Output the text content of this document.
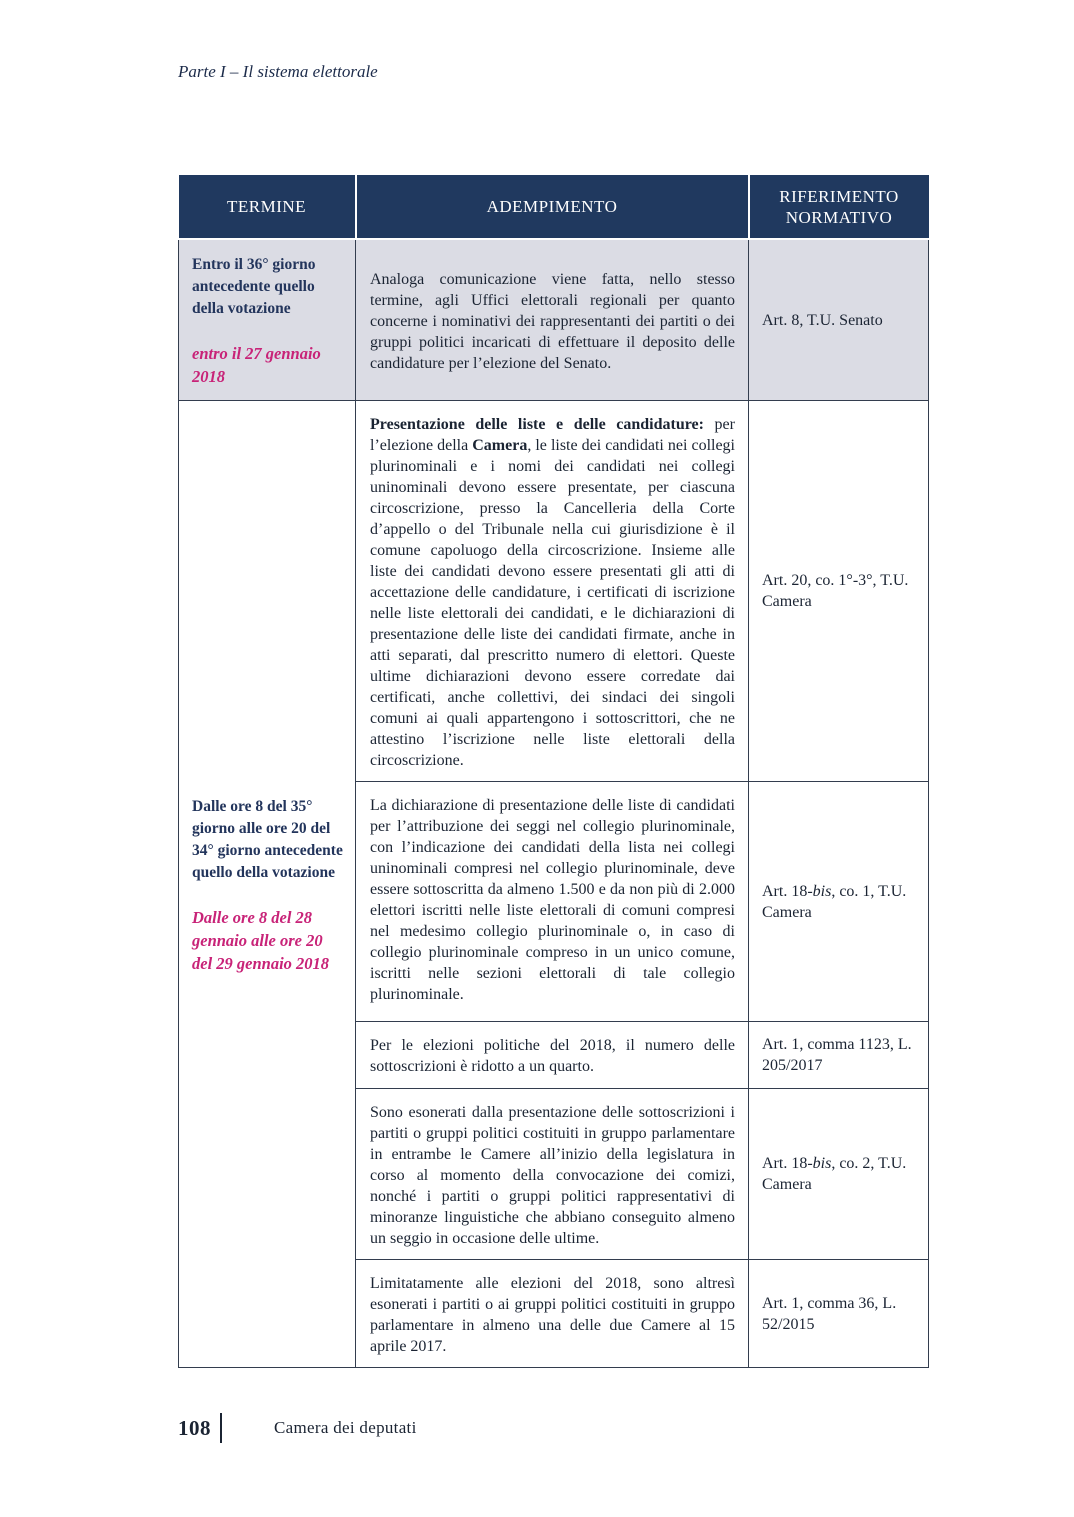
Parte I – Il sistema elettorale
TERMINE	ADEMPIMENTO	RIFERIMENTO NORMATIVO

Entro il 36° giorno antecedente quello della votazione
entro il 27 gennaio 2018	Analoga comunicazione viene fatta, nello stesso termine, agli Uffici elettorali regionali per quanto concerne i nominativi dei rappresentanti dei partiti o dei gruppi politici incaricati di effettuare il deposito delle candidature per l’elezione del Senato.	Art. 8, T.U. Senato

Dalle ore 8 del 35° giorno alle ore 20 del 34° giorno antecedente quello della votazione
Dalle ore 8 del 28 gennaio alle ore 20 del 29 gennaio 2018	Presentazione delle liste e delle candidature: per l’elezione della Camera, le liste dei candidati nei collegi plurinominali e i nomi dei candidati nei collegi uninominali devono essere presentate, per ciascuna circoscrizione, presso la Cancelleria della Corte d’appello o del Tribunale nella cui giurisdizione è il comune capoluogo della circoscrizione. Insieme alle liste dei candidati devono essere presentati gli atti di accettazione delle candidature, i certificati di iscrizione nelle liste elettorali dei candidati, e le dichiarazioni di presentazione delle liste dei candidati firmate, anche in atti separati, dal prescritto numero di elettori. Queste ultime dichiarazioni devono essere corredate dai certificati, anche collettivi, dei sindaci dei singoli comuni ai quali appartengono i sottoscrittori, che ne attestino l’iscrizione nelle liste elettorali della circoscrizione.	Art. 20, co. 1°-3°, T.U. Camera
	La dichiarazione di presentazione delle liste di candidati per l’attribuzione dei seggi nel collegio plurinominale, con l’indicazione dei candidati della lista nei collegi uninominali compresi nel collegio plurinominale, deve essere sottoscritta da almeno 1.500 e da non più di 2.000 elettori iscritti nelle liste elettorali di comuni compresi nel medesimo collegio plurinominale o, in caso di collegio plurinominale compreso in un unico comune, iscritti nelle sezioni elettorali di tale collegio plurinominale.	Art. 18-bis, co. 1, T.U. Camera
	Per le elezioni politiche del 2018, il numero delle sottoscrizioni è ridotto a un quarto.	Art. 1, comma 1123, L. 205/2017
	Sono esonerati dalla presentazione delle sottoscrizioni i partiti o gruppi politici costituiti in gruppo parlamentare in entrambe le Camere all’inizio della legislatura in corso al momento della convocazione dei comizi, nonché i partiti o gruppi politici rappresentativi di minoranze linguistiche che abbiano conseguito almeno un seggio in occasione delle ultime.	Art. 18-bis, co. 2, T.U. Camera
	Limitatamente alle elezioni del 2018, sono altresì esonerati i partiti o ai gruppi politici costituiti in gruppo parlamentare in almeno una delle due Camere al 15 aprile 2017.	Art. 1, comma 36, L. 52/2015
108	Camera dei deputati
